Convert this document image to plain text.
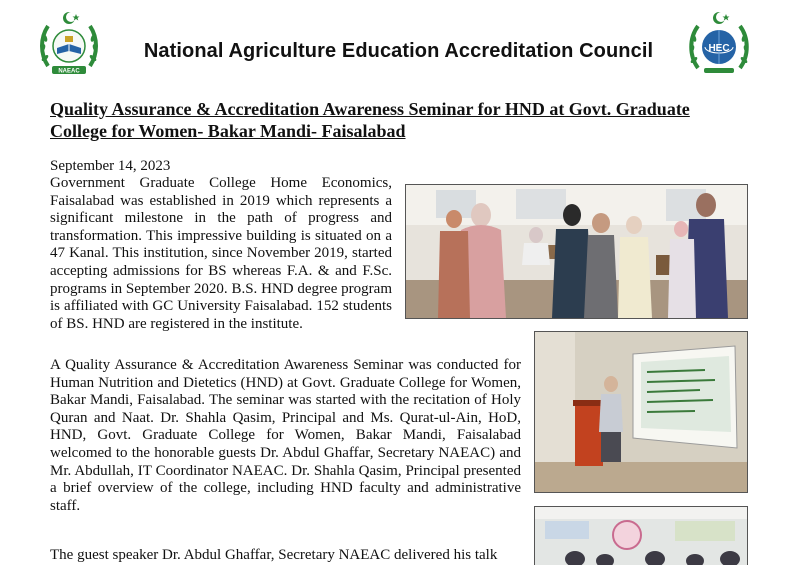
NAEAC
National Agriculture Education Accreditation Council	HEC
Quality Assurance & Accreditation Awareness Seminar for HND at Govt. Graduate
College for Women- Bakar Mandi- Faisalabad

September 14, 2023

Government Graduate College Home Economics, Faisalabad was established in 2019 which represents a significant milestone in the path of progress and transformation. This impressive building is situated on a 47 Kanal. This institution, since November 2019, started accepting admissions for BS whereas F.A. & and F.Sc. programs in September 2020. B.S. HND degree program is affiliated with GC University Faisalabad. 152 students of BS. HND are registered in the institute.

A Quality Assurance & Accreditation Awareness Seminar was conducted for Human Nutrition and Dietetics (HND) at Govt. Graduate College for Women, Bakar Mandi, Faisalabad. The seminar was started with the recitation of Holy Quran and Naat. Dr. Shahla Qasim, Principal and Ms. Qurat-ul-Ain, HoD, HND, Govt. Graduate College for Women, Bakar Mandi, Faisalabad welcomed to the honorable guests Dr. Abdul Ghaffar, Secretary NAEAC) and Mr. Abdullah, IT Coordinator NAEAC. Dr. Shahla Qasim, Principal presented a brief overview of the college, including HND faculty and administrative staff.

The guest speaker Dr. Abdul Ghaffar, Secretary NAEAC delivered his talk
